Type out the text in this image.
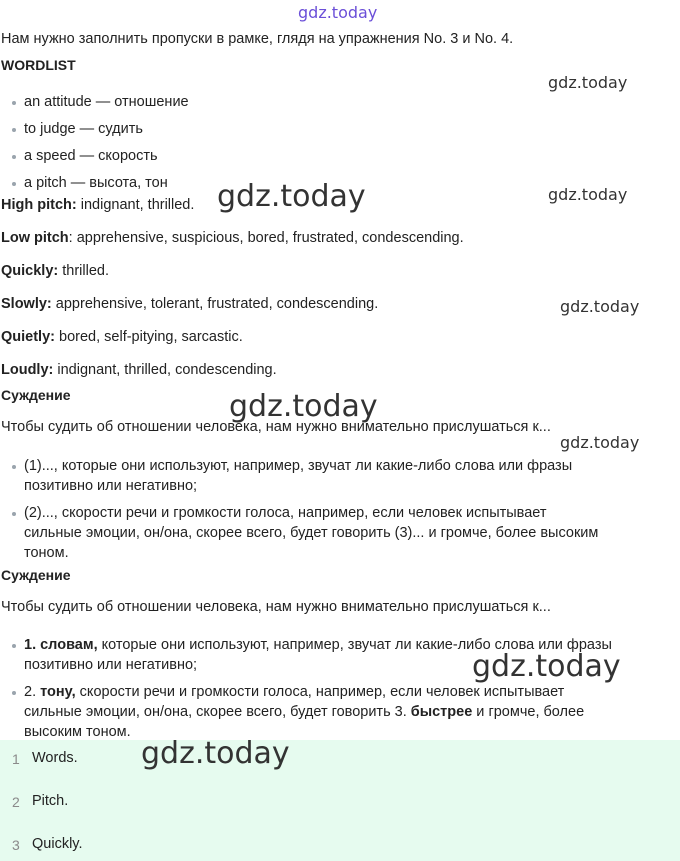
gdz.today
Нам нужно заполнить пропуски в рамке, глядя на упражнения No. 3 и No. 4.
WORDLIST
an attitude — отношение
to judge — судить
a speed — скорость
a pitch — высота, тон
High pitch: indignant, thrilled.
Low pitch: apprehensive, suspicious, bored, frustrated, condescending.
Quickly: thrilled.
Slowly: apprehensive, tolerant, frustrated, condescending.
Quietly: bored, self-pitying, sarcastic.
Loudly: indignant, thrilled, condescending.
Суждение
Чтобы судить об отношении человека, нам нужно внимательно прислушаться к...
(1)..., которые они используют, например, звучат ли какие-либо слова или фразы
позитивно или негативно;
(2)..., скорости речи и громкости голоса, например, если человек испытывает
сильные эмоции, он/она, скорее всего, будет говорить (3)... и громче, более высоким
тоном.
Суждение
Чтобы судить об отношении человека, нам нужно внимательно прислушаться к...
1. словам, которые они используют, например, звучат ли какие-либо слова или фразы
позитивно или негативно;
2. тону, скорости речи и громкости голоса, например, если человек испытывает
сильные эмоции, он/она, скорее всего, будет говорить 3. быстрее и громче, более
высоким тоном.
1 Words.
2 Pitch.
3 Quickly.
gdz.today
gdz.today	gdz.today
gdz.today
gdz.today
gdz.today
gdz.today
gdz.today
